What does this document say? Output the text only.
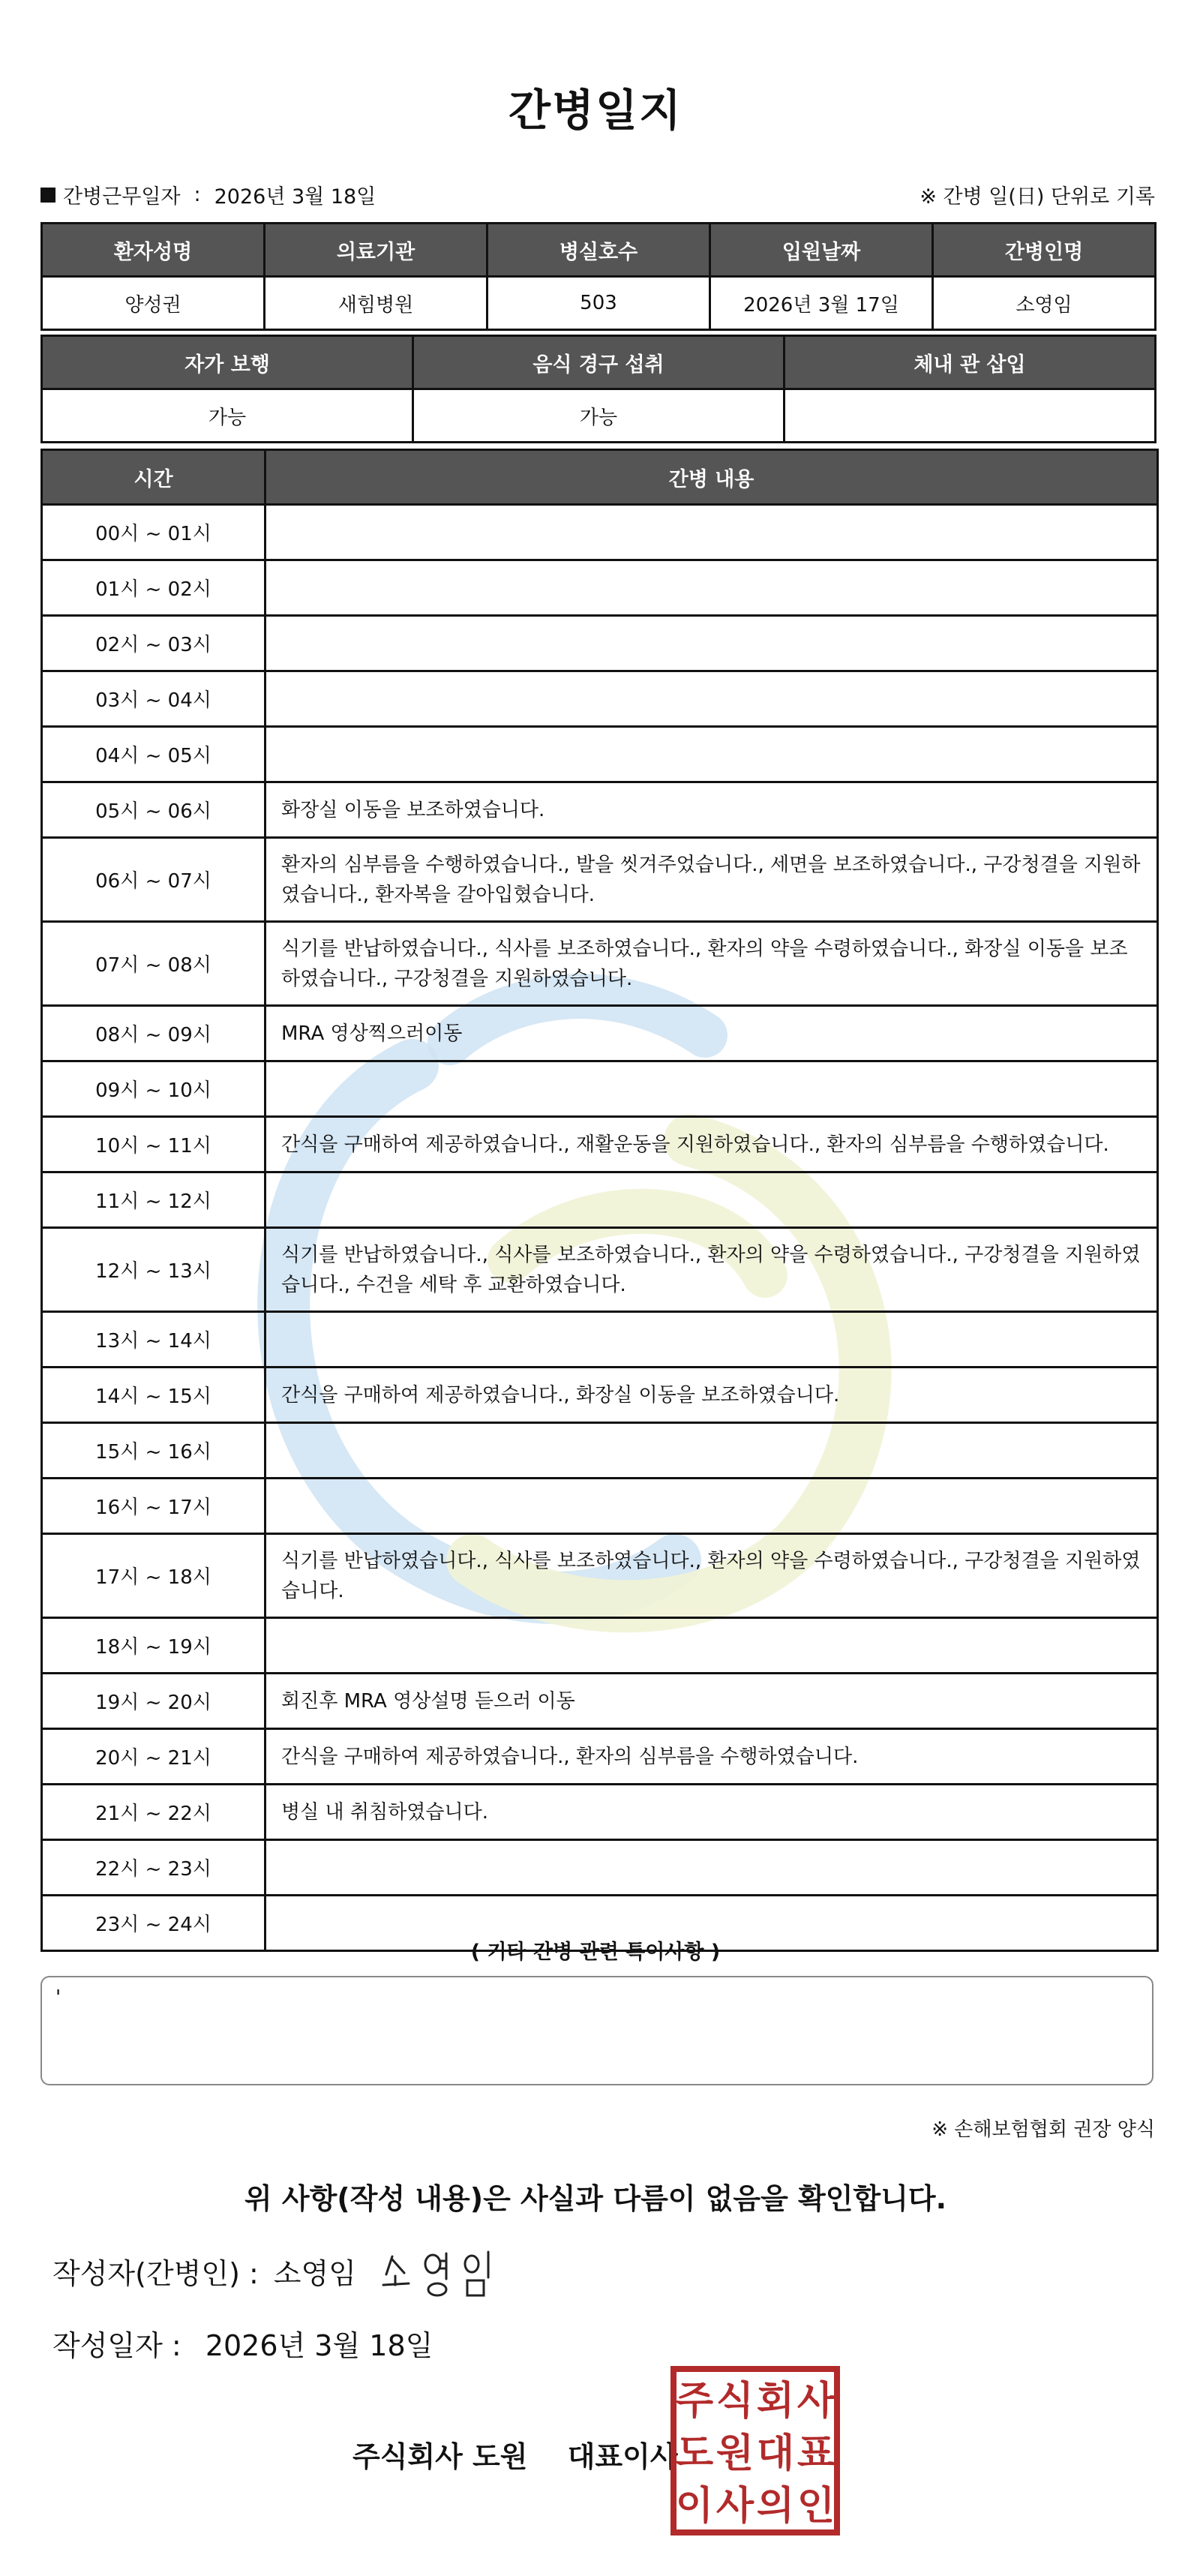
간병일지
간병근무일자 : 2026년 3월 18일	※ 간병 일(日) 단위로 기록
환자성명	의료기관	병실호수	입원날짜	간병인명
양성권	새힘병원	503	2026년 3월 17일	소영임
자가 보행	음식 경구 섭취	체내 관 삽입
가능	가능	
시간	간병 내용
00시 ~ 01시	
01시 ~ 02시	
02시 ~ 03시	
03시 ~ 04시	
04시 ~ 05시	
05시 ~ 06시	화장실 이동을 보조하였습니다.
06시 ~ 07시	환자의 심부름을 수행하였습니다., 발을 씻겨주었습니다., 세면을 보조하였습니다., 구강청결을 지원하였습니다., 환자복을 갈아입혔습니다.
07시 ~ 08시	식기를 반납하였습니다., 식사를 보조하였습니다., 환자의 약을 수령하였습니다., 화장실 이동을 보조하였습니다., 구강청결을 지원하였습니다.
08시 ~ 09시	MRA 영상찍으러이동
09시 ~ 10시	
10시 ~ 11시	간식을 구매하여 제공하였습니다., 재활운동을 지원하였습니다., 환자의 심부름을 수행하였습니다.
11시 ~ 12시	
12시 ~ 13시	식기를 반납하였습니다., 식사를 보조하였습니다., 환자의 약을 수령하였습니다., 구강청결을 지원하였습니다., 수건을 세탁 후 교환하였습니다.
13시 ~ 14시	
14시 ~ 15시	간식을 구매하여 제공하였습니다., 화장실 이동을 보조하였습니다.
15시 ~ 16시	
16시 ~ 17시	
17시 ~ 18시	식기를 반납하였습니다., 식사를 보조하였습니다., 환자의 약을 수령하였습니다., 구강청결을 지원하였습니다.
18시 ~ 19시	
19시 ~ 20시	회진후 MRA 영상설명 듣으러 이동
20시 ~ 21시	간식을 구매하여 제공하였습니다., 환자의 심부름을 수행하였습니다.
21시 ~ 22시	병실 내 취침하였습니다.
22시 ~ 23시	
23시 ~ 24시	
( 기타 간병 관련 특이사항 )
'
※ 손해보험협회 권장 양식
위 사항(작성 내용)은 사실과 다름이 없음을 확인합니다.
작성자(간병인) : 소영임
작성일자 : 2026년 3월 18일
주식회사 도원 대표이사
주 식 회 사
도 원 대 표
이 사 의 인
